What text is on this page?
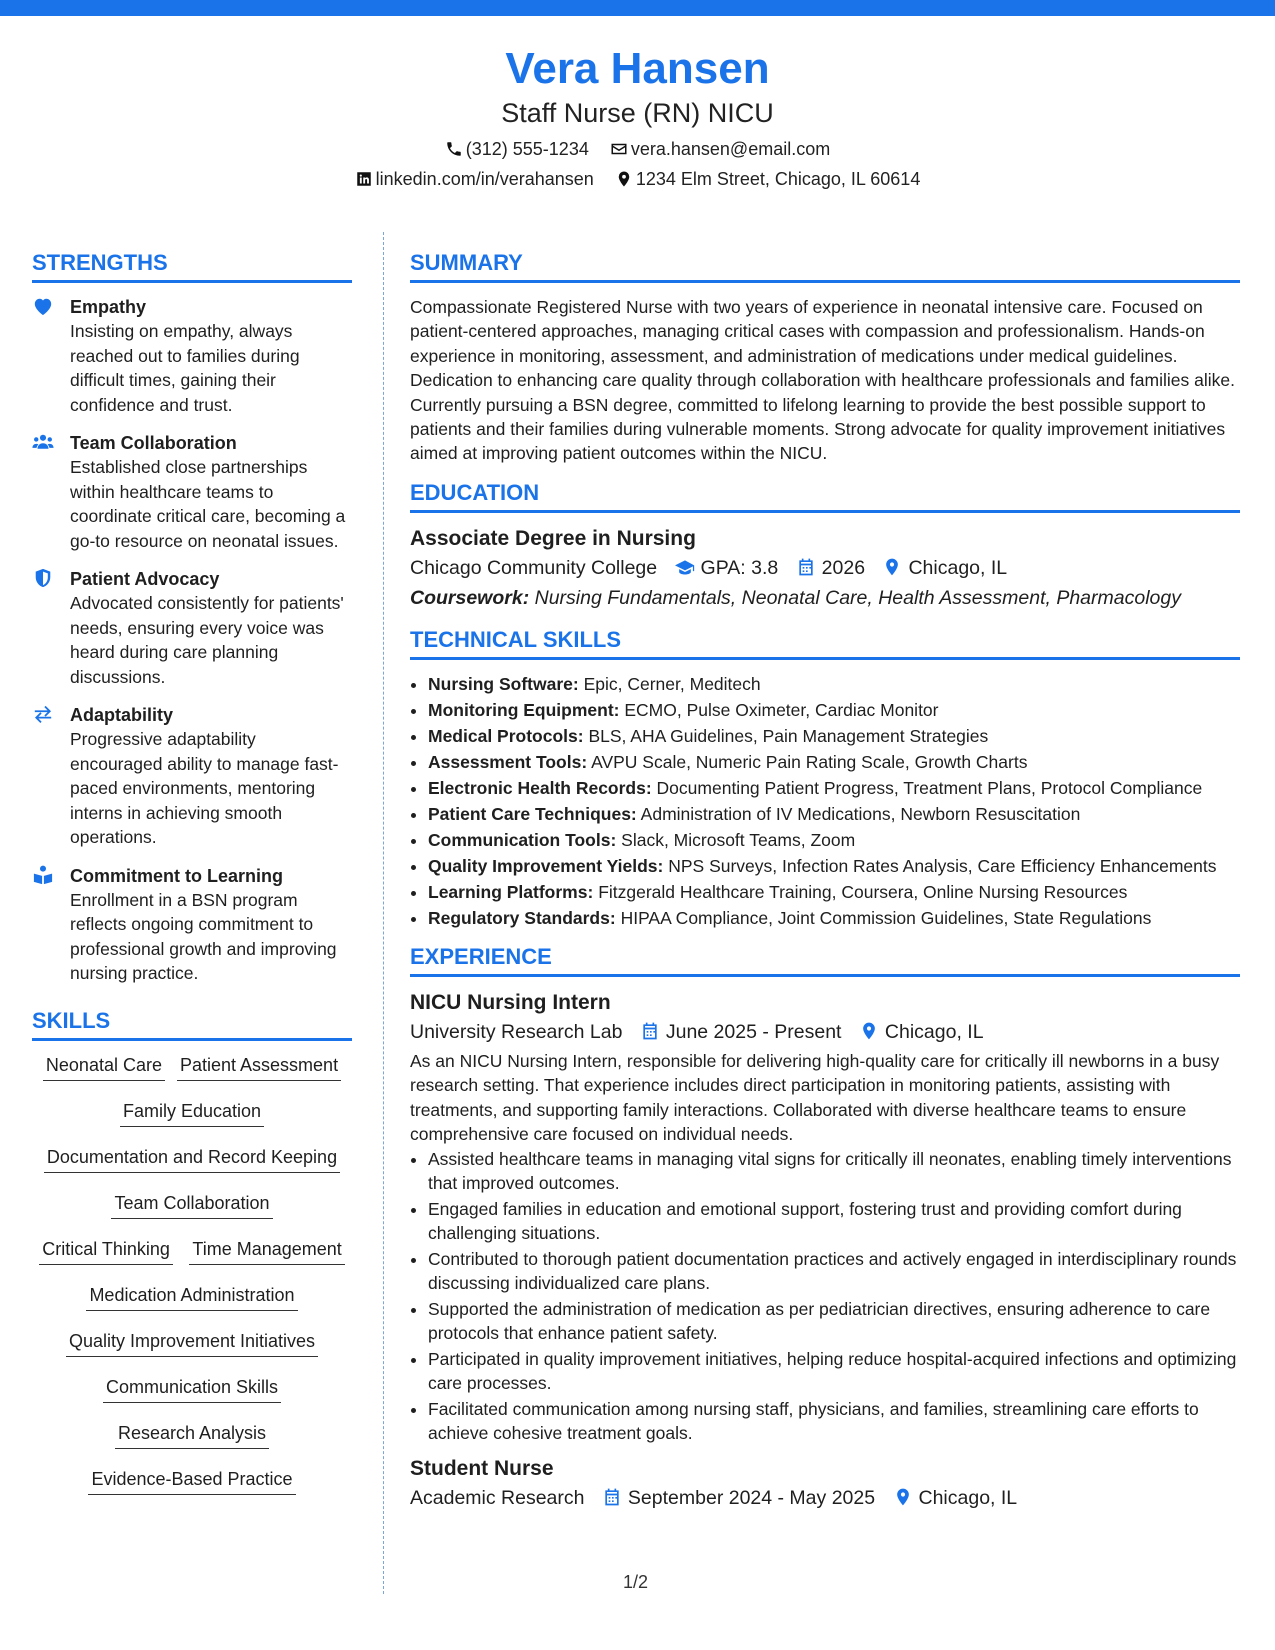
Vera Hansen
Staff Nurse (RN) NICU
(312) 555-1234 vera.hansen@email.com
linkedin.com/in/verahansen 1234 Elm Street, Chicago, IL 60614
STRENGTHS
Empathy
Insisting on empathy, always reached out to families during difficult times, gaining their confidence and trust.
Team Collaboration
Established close partnerships within healthcare teams to coordinate critical care, becoming a go-to resource on neonatal issues.
Patient Advocacy
Advocated consistently for patients' needs, ensuring every voice was heard during care planning discussions.
Adaptability
Progressive adaptability encouraged ability to manage fast-paced environments, mentoring interns in achieving smooth operations.
Commitment to Learning
Enrollment in a BSN program reflects ongoing commitment to professional growth and improving nursing practice.
SKILLS
Neonatal Care Patient Assessment Family Education Documentation and Record Keeping Team Collaboration Critical Thinking Time Management Medication Administration Quality Improvement Initiatives Communication Skills Research Analysis Evidence-Based Practice
SUMMARY
Compassionate Registered Nurse with two years of experience in neonatal intensive care. Focused on patient-centered approaches, managing critical cases with compassion and professionalism. Hands-on experience in monitoring, assessment, and administration of medications under medical guidelines. Dedication to enhancing care quality through collaboration with healthcare professionals and families alike. Currently pursuing a BSN degree, committed to lifelong learning to provide the best possible support to patients and their families during vulnerable moments. Strong advocate for quality improvement initiatives aimed at improving patient outcomes within the NICU.
EDUCATION
Associate Degree in Nursing
Chicago Community College GPA: 3.8 2026 Chicago, IL
Coursework: Nursing Fundamentals, Neonatal Care, Health Assessment, Pharmacology
TECHNICAL SKILLS
• Nursing Software: Epic, Cerner, Meditech
• Monitoring Equipment: ECMO, Pulse Oximeter, Cardiac Monitor
• Medical Protocols: BLS, AHA Guidelines, Pain Management Strategies
• Assessment Tools: AVPU Scale, Numeric Pain Rating Scale, Growth Charts
• Electronic Health Records: Documenting Patient Progress, Treatment Plans, Protocol Compliance
• Patient Care Techniques: Administration of IV Medications, Newborn Resuscitation
• Communication Tools: Slack, Microsoft Teams, Zoom
• Quality Improvement Yields: NPS Surveys, Infection Rates Analysis, Care Efficiency Enhancements
• Learning Platforms: Fitzgerald Healthcare Training, Coursera, Online Nursing Resources
• Regulatory Standards: HIPAA Compliance, Joint Commission Guidelines, State Regulations
EXPERIENCE
NICU Nursing Intern
University Research Lab June 2025 - Present Chicago, IL
As an NICU Nursing Intern, responsible for delivering high-quality care for critically ill newborns in a busy research setting. That experience includes direct participation in monitoring patients, assisting with treatments, and supporting family interactions. Collaborated with diverse healthcare teams to ensure comprehensive care focused on individual needs.
• Assisted healthcare teams in managing vital signs for critically ill neonates, enabling timely interventions that improved outcomes.
• Engaged families in education and emotional support, fostering trust and providing comfort during challenging situations.
• Contributed to thorough patient documentation practices and actively engaged in interdisciplinary rounds discussing individualized care plans.
• Supported the administration of medication as per pediatrician directives, ensuring adherence to care protocols that enhance patient safety.
• Participated in quality improvement initiatives, helping reduce hospital-acquired infections and optimizing care processes.
• Facilitated communication among nursing staff, physicians, and families, streamlining care efforts to achieve cohesive treatment goals.
Student Nurse
Academic Research September 2024 - May 2025 Chicago, IL
1/2
